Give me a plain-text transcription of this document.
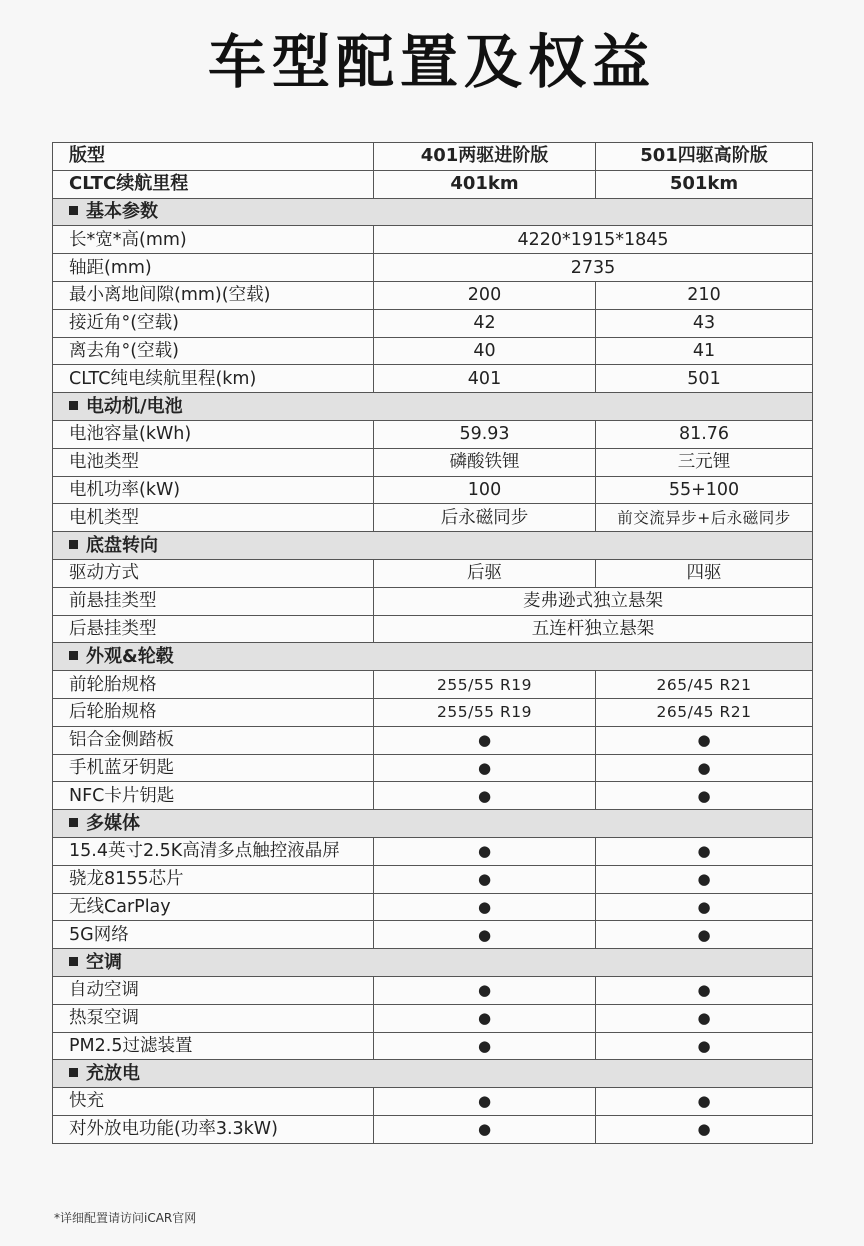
车型配置及权益
版型	401两驱进阶版	501四驱高阶版
CLTC续航里程	401km	501km
基本参数		
长*宽*高(mm)	4220*1915*1845	
轴距(mm)	2735	
最小离地间隙(mm)(空载)	200	210
接近角°(空载)	42	43
离去角°(空载)	40	41
CLTC纯电续航里程(km)	401	501
电动机/电池		
电池容量(kWh)	59.93	81.76
电池类型	磷酸铁锂	三元锂
电机功率(kW)	100	55+100
电机类型	后永磁同步	前交流异步+后永磁同步
底盘转向		
驱动方式	后驱	四驱
前悬挂类型	麦弗逊式独立悬架	
后悬挂类型	五连杆独立悬架	
外观&轮毂		
前轮胎规格	255/55 R19	265/45 R21
后轮胎规格	255/55 R19	265/45 R21
铝合金侧踏板	●	●
手机蓝牙钥匙	●	●
NFC卡片钥匙	●	●
多媒体		
15.4英寸2.5K高清多点触控液晶屏	●	●
骁龙8155芯片	●	●
无线CarPlay	●	●
5G网络	●	●
空调		
自动空调	●	●
热泵空调	●	●
PM2.5过滤装置	●	●
充放电		
快充	●	●
对外放电功能(功率3.3kW)	●	●
*详细配置请访问iCAR官网
